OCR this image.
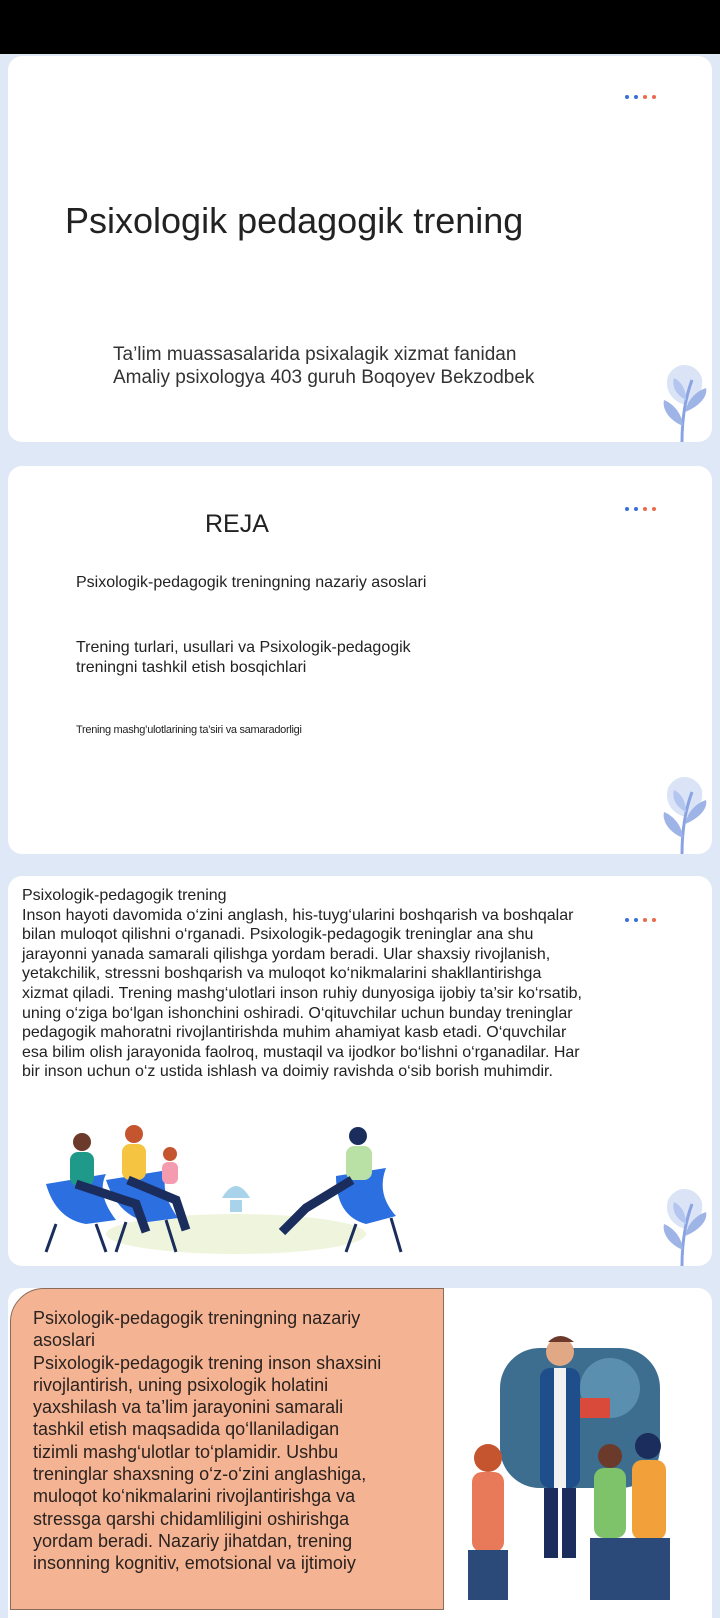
Psixologik pedagogik trening

Ta’lim muassasalarida psixalagik xizmat fanidan
Amaliy psixologya 403 guruh Boqoyev Bekzodbek

REJA

Psixologik-pedagogik treningning nazariy asoslari

Trening turlari, usullari va Psixologik-pedagogik
treningni tashkil etish bosqichlari

Trening mashg’ulotlarining ta’siri va samaradorligi

Psixologik-pedagogik trening
Inson hayoti davomida o‘zini anglash, his-tuyg‘ularini boshqarish va boshqalar
bilan muloqot qilishni o‘rganadi. Psixologik-pedagogik treninglar ana shu
jarayonni yanada samarali qilishga yordam beradi. Ular shaxsiy rivojlanish,
yetakchilik, stressni boshqarish va muloqot ko‘nikmalarini shakllantirishga
xizmat qiladi. Trening mashg‘ulotlari inson ruhiy dunyosiga ijobiy ta’sir ko‘rsatib,
uning o‘ziga bo‘lgan ishonchini oshiradi. O‘qituvchilar uchun bunday treninglar
pedagogik mahoratni rivojlantirishda muhim ahamiyat kasb etadi. O‘quvchilar
esa bilim olish jarayonida faolroq, mustaqil va ijodkor bo‘lishni o‘rganadilar. Har
bir inson uchun o‘z ustida ishlash va doimiy ravishda o‘sib borish muhimdir.
Psixologik-pedagogik treningning nazariy
asoslari
Psixologik-pedagogik trening inson shaxsini
rivojlantirish, uning psixologik holatini
yaxshilash va ta’lim jarayonini samarali
tashkil etish maqsadida qo‘llaniladigan
tizimli mashg‘ulotlar to‘plamidir. Ushbu
treninglar shaxsning o‘z-o‘zini anglashiga,
muloqot ko‘nikmalarini rivojlantirishga va
stressga qarshi chidamliligini oshirishga
yordam beradi. Nazariy jihatdan, trening
insonning kognitiv, emotsional va ijtimoiy
